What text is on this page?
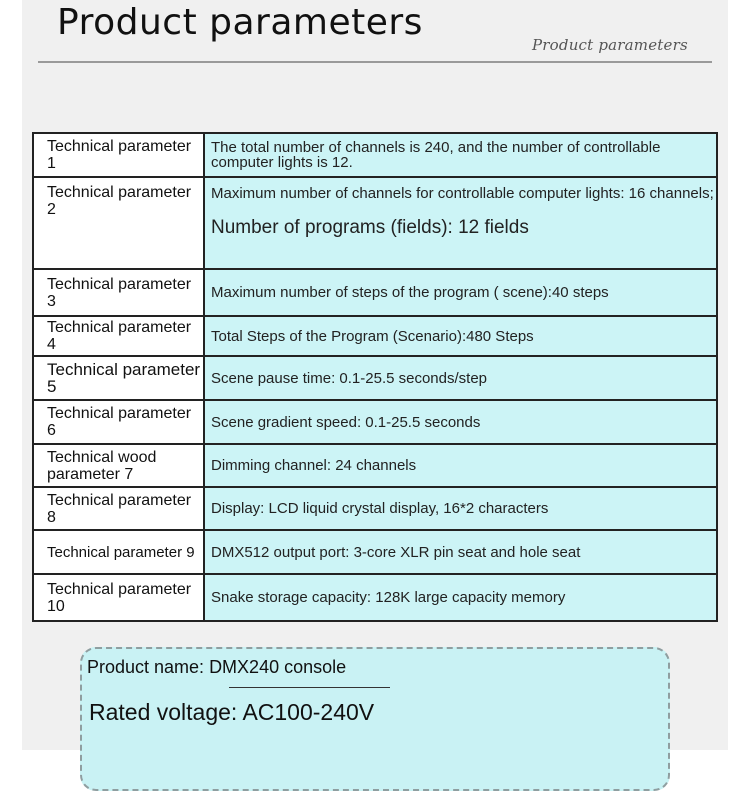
Product parameters
Product parameters
Technical parameter 1	The total number of channels is 240, and the number of controllable computer lights is 12.
Technical parameter 2	Maximum number of channels for controllable computer lights: 16 channels;
Number of programs (fields): 12 fields

Technical parameter 3	Maximum number of steps of the program ( scene):40 steps
Technical parameter 4	Total Steps of the Program (Scenario):480 Steps
Technical parameter 5	Scene pause time: 0.1-25.5 seconds/step
Technical parameter 6	Scene gradient speed: 0.1-25.5 seconds
Technical wood parameter 7	Dimming channel: 24 channels
Technical parameter 8	Display: LCD liquid crystal display, 16*2 characters
Technical parameter 9	DMX512 output port: 3-core XLR pin seat and hole seat
Technical parameter 10	Snake storage capacity: 128K large capacity memory
Product name: DMX240 console
Rated voltage: AC100-240V
